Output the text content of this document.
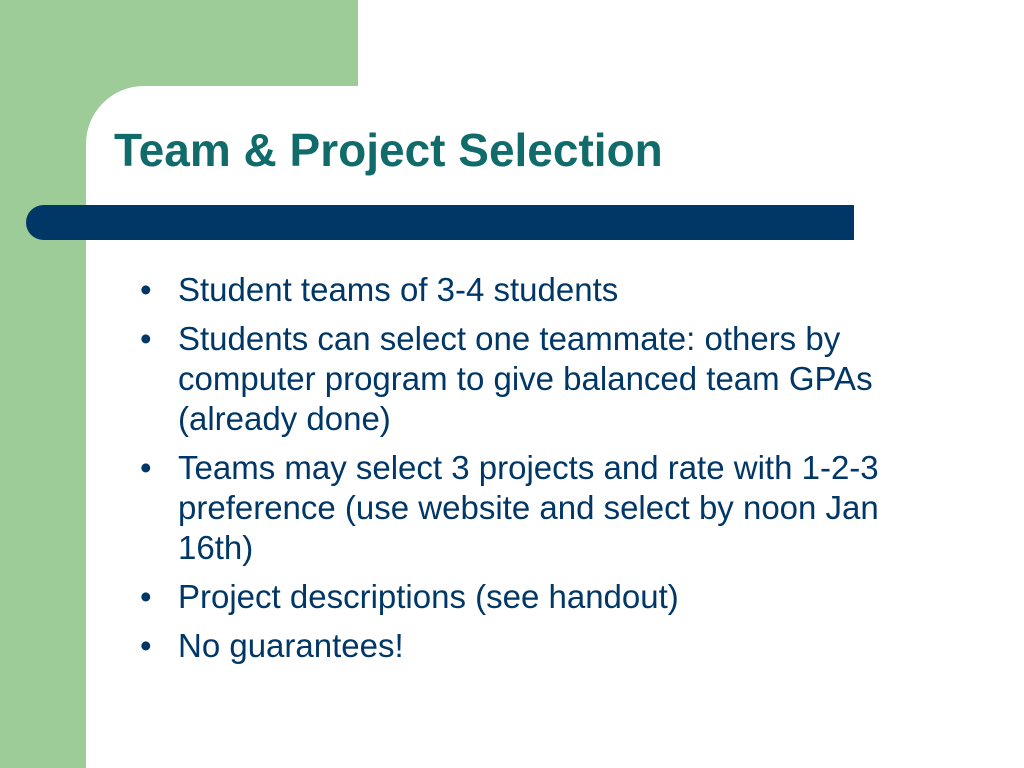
Team & Project Selection
• Student teams of 3-4 students
• Students can select one teammate: others by computer program to give balanced team GPAs (already done)
• Teams may select 3 projects and rate with 1-2-3 preference (use website and select by noon Jan 16th)
• Project descriptions (see handout)
• No guarantees!
